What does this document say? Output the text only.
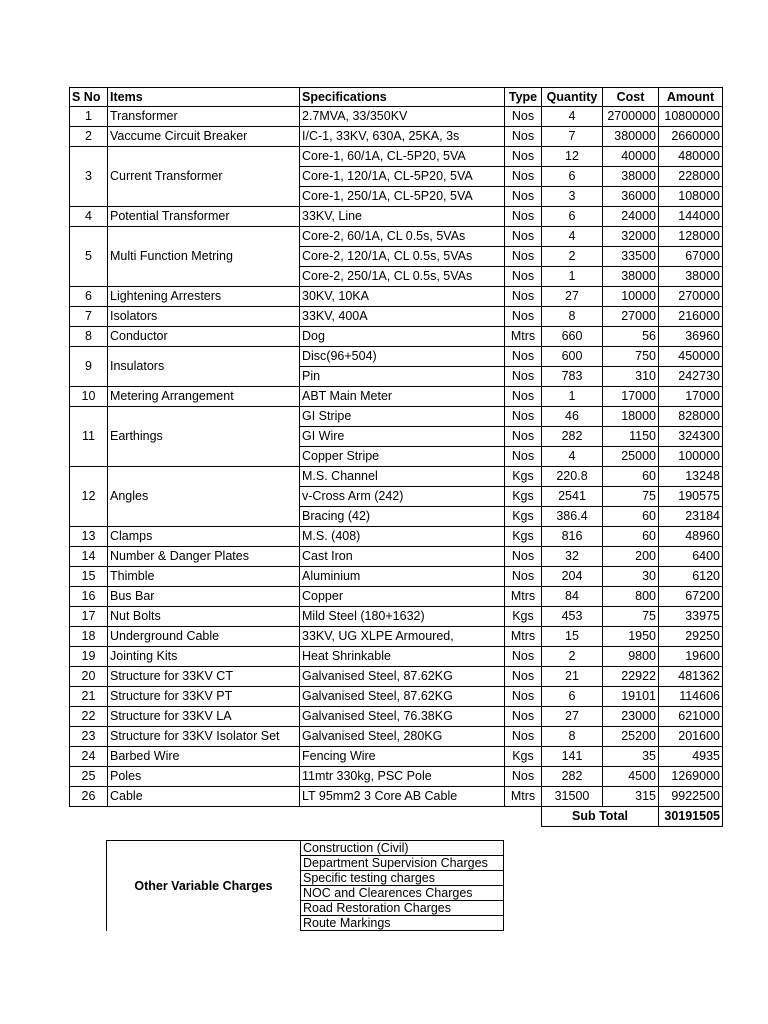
S No	Items	Specifications	Type	Quantity	Cost	Amount
1	Transformer	2.7MVA, 33/350KV	Nos	4	2700000	10800000
2	Vaccume Circuit Breaker	I/C-1, 33KV, 630A, 25KA, 3s	Nos	7	380000	2660000
3	Current Transformer	Core-1, 60/1A, CL-5P20, 5VA	Nos	12	40000	480000
		Core-1, 120/1A, CL-5P20, 5VA	Nos	6	38000	228000
		Core-1, 250/1A, CL-5P20, 5VA	Nos	3	36000	108000
4	Potential Transformer	33KV, Line	Nos	6	24000	144000
5	Multi Function Metring	Core-2, 60/1A, CL 0.5s, 5VAs	Nos	4	32000	128000
		Core-2, 120/1A, CL 0.5s, 5VAs	Nos	2	33500	67000
		Core-2, 250/1A, CL 0.5s, 5VAs	Nos	1	38000	38000
6	Lightening Arresters	30KV, 10KA	Nos	27	10000	270000
7	Isolators	33KV, 400A	Nos	8	27000	216000
8	Conductor	Dog	Mtrs	660	56	36960
9	Insulators	Disc(96+504)	Nos	600	750	450000
		Pin	Nos	783	310	242730
10	Metering Arrangement	ABT Main Meter	Nos	1	17000	17000
11	Earthings	GI Stripe	Nos	46	18000	828000
		GI Wire	Nos	282	1150	324300
		Copper Stripe	Nos	4	25000	100000
12	Angles	M.S. Channel	Kgs	220.8	60	13248
		v-Cross Arm (242)	Kgs	2541	75	190575
		Bracing (42)	Kgs	386.4	60	23184
13	Clamps	M.S. (408)	Kgs	816	60	48960
14	Number & Danger Plates	Cast Iron	Nos	32	200	6400
15	Thimble	Aluminium	Nos	204	30	6120
16	Bus Bar	Copper	Mtrs	84	800	67200
17	Nut Bolts	Mild Steel (180+1632)	Kgs	453	75	33975
18	Underground Cable	33KV, UG XLPE Armoured,	Mtrs	15	1950	29250
19	Jointing Kits	Heat Shrinkable	Nos	2	9800	19600
20	Structure for 33KV CT	Galvanised Steel, 87.62KG	Nos	21	22922	481362
21	Structure for 33KV PT	Galvanised Steel, 87.62KG	Nos	6	19101	114606
22	Structure for 33KV LA	Galvanised Steel, 76.38KG	Nos	27	23000	621000
23	Structure for 33KV Isolator Set	Galvanised Steel, 280KG	Nos	8	25200	201600
24	Barbed Wire	Fencing Wire	Kgs	141	35	4935
25	Poles	11mtr 330kg, PSC Pole	Nos	282	4500	1269000
26	Cable	LT 95mm2 3 Core AB Cable	Mtrs	31500	315	9922500
				Sub Total		30191505
Other Variable Charges	Construction (Civil)
Department Supervision Charges
Specific testing charges
NOC and Clearences Charges
Road Restoration Charges
Route Markings
